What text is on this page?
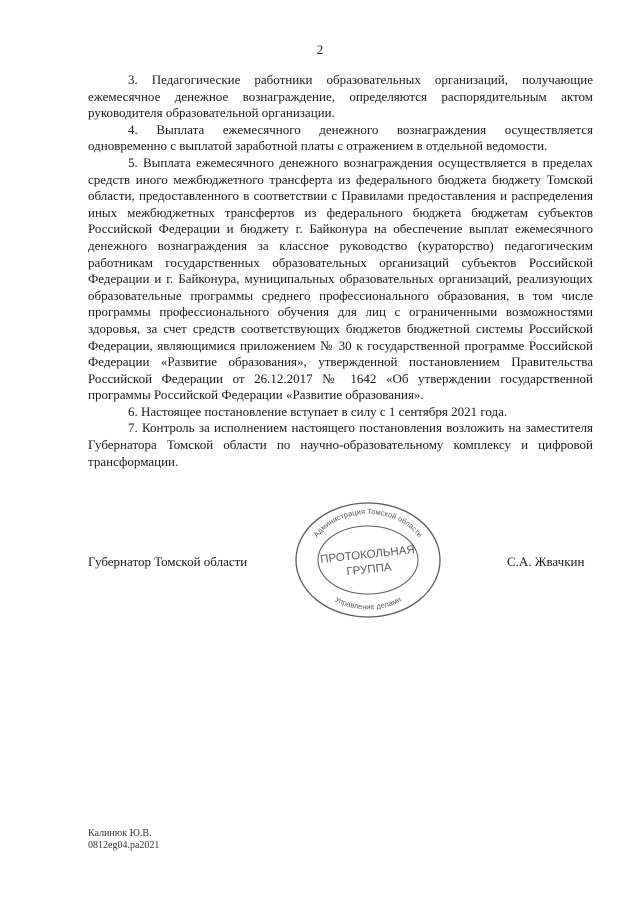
2

3. Педагогические работники образовательных организаций, получающие ежемесячное денежное вознаграждение, определяются распорядительным актом руководителя образовательной организации.

4. Выплата ежемесячного денежного вознаграждения осуществляется одновременно с выплатой заработной платы с отражением в отдельной ведомости.

5. Выплата ежемесячного денежного вознаграждения осуществляется в пределах средств иного межбюджетного трансферта из федерального бюджета бюджету Томской области, предоставленного в соответствии с Правилами предоставления и распределения иных межбюджетных трансфертов из федерального бюджета бюджетам субъектов Российской Федерации и бюджету г. Байконура на обеспечение выплат ежемесячного денежного вознаграждения за классное руководство (кураторство) педагогическим работникам государственных образовательных организаций субъектов Российской Федерации и г. Байконура, муниципальных образовательных организаций, реализующих образовательные программы среднего профессионального образования, в том числе программы профессионального обучения для лиц с ограниченными возможностями здоровья, за счет средств соответствующих бюджетов бюджетной системы Российской Федерации, являющимися приложением № 30 к государственной программе Российской Федерации «Развитие образования», утвержденной постановлением Правительства Российской Федерации от 26.12.2017 № 1642 «Об утверждении государственной программы Российской Федерации «Развитие образования».

6. Настоящее постановление вступает в силу с 1 сентября 2021 года.

7. Контроль за исполнением настоящего постановления возложить на заместителя Губернатора Томской области по научно-образовательному комплексу и цифровой трансформации.

Губернатор Томской области
Администрация Томской области
Управление делами
ПРОТОКОЛЬНАЯ
ГРУППА
С.А. Жвачкин
Калинюк Ю.В.
0812eg04.pa2021
